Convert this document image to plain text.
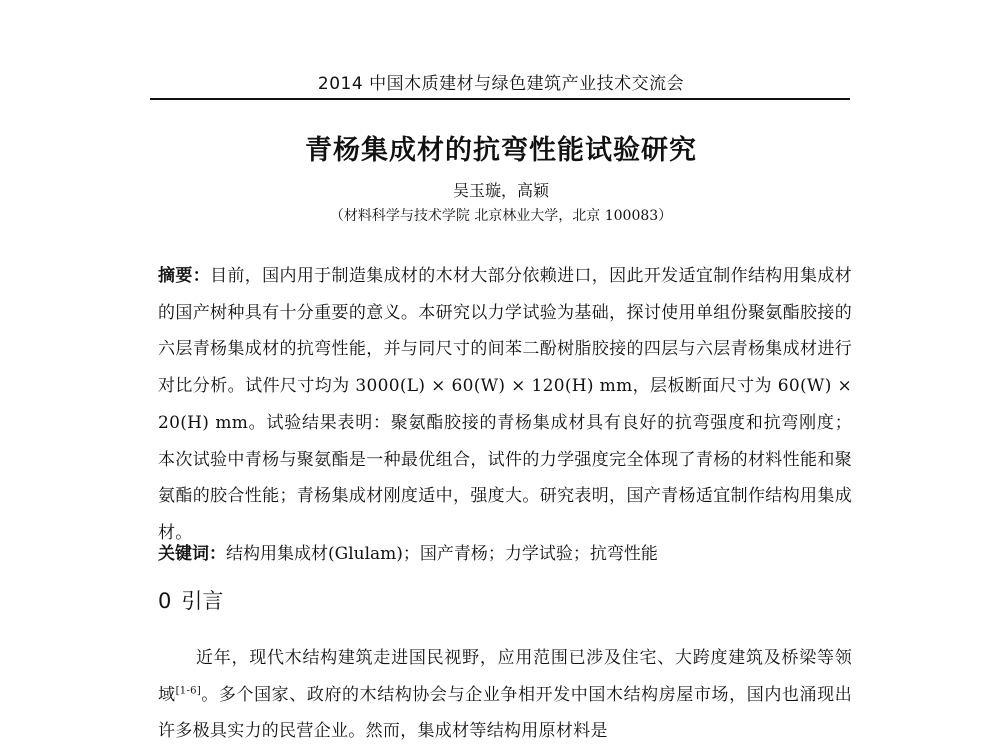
2014 中国木质建材与绿色建筑产业技术交流会
青杨集成材的抗弯性能试验研究
吴玉璇，高颖
（材料科学与技术学院 北京林业大学，北京 100083）
摘要：目前，国内用于制造集成材的木材大部分依赖进口，因此开发适宜制作结构用集成材的国产树种具有十分重要的意义。本研究以力学试验为基础，探讨使用单组份聚氨酯胶接的六层青杨集成材的抗弯性能，并与同尺寸的间苯二酚树脂胶接的四层与六层青杨集成材进行对比分析。试件尺寸均为 3000(L) × 60(W) × 120(H) mm，层板断面尺寸为 60(W) × 20(H) mm。试验结果表明：聚氨酯胶接的青杨集成材具有良好的抗弯强度和抗弯刚度；本次试验中青杨与聚氨酯是一种最优组合，试件的力学强度完全体现了青杨的材料性能和聚氨酯的胶合性能；青杨集成材刚度适中，强度大。研究表明，国产青杨适宜制作结构用集成材。
关键词：结构用集成材(Glulam)；国产青杨；力学试验；抗弯性能
0 引言
近年，现代木结构建筑走进国民视野，应用范围已涉及住宅、大跨度建筑及桥梁等领域[1-6]。多个国家、政府的木结构协会与企业争相开发中国木结构房屋市场，国内也涌现出许多极具实力的民营企业。然而，集成材等结构用原材料是
